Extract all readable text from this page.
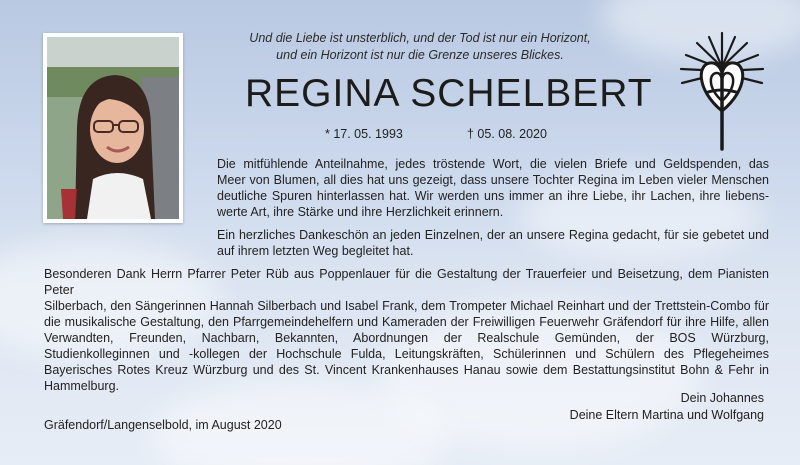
Und die Liebe ist unsterblich, und der Tod ist nur ein Horizont,
und ein Horizont ist nur die Grenze unseres Blickes.
REGINA SCHELBERT
* 17. 05. 1993	† 05. 08. 2020
Die mitfühlende Anteilnahme, jedes tröstende Wort, die vielen Briefe und Geldspenden, das
Meer von Blumen, all dies hat uns gezeigt, dass unsere Tochter Regina im Leben vieler Menschen
deutliche Spuren hinterlassen hat. Wir werden uns immer an ihre Liebe, ihr Lachen, ihre liebens-
werte Art, ihre Stärke und ihre Herzlichkeit erinnern.
Ein herzliches Dankeschön an jeden Einzelnen, der an unsere Regina gedacht, für sie gebetet und
auf ihrem letzten Weg begleitet hat.
Besonderen Dank Herrn Pfarrer Peter Rüb aus Poppenlauer für die Gestaltung der Trauerfeier und Beisetzung, dem Pianisten Peter
Silberbach, den Sängerinnen Hannah Silberbach und Isabel Frank, dem Trompeter Michael Reinhart und der Trettstein-Combo für
die musikalische Gestaltung, den Pfarrgemeindehelfern und Kameraden der Freiwilligen Feuerwehr Gräfendorf für ihre Hilfe, allen
Verwandten, Freunden, Nachbarn, Bekannten, Abordnungen der Realschule Gemünden, der BOS Würzburg,
Studienkolleginnen und -kollegen der Hochschule Fulda, Leitungskräften, Schülerinnen und Schülern des Pflegeheimes
Bayerisches Rotes Kreuz Würzburg und des St. Vincent Krankenhauses Hanau sowie dem Bestattungsinstitut Bohn & Fehr in
Hammelburg.
Dein Johannes
Deine Eltern Martina und Wolfgang
Gräfendorf/Langenselbold, im August 2020
